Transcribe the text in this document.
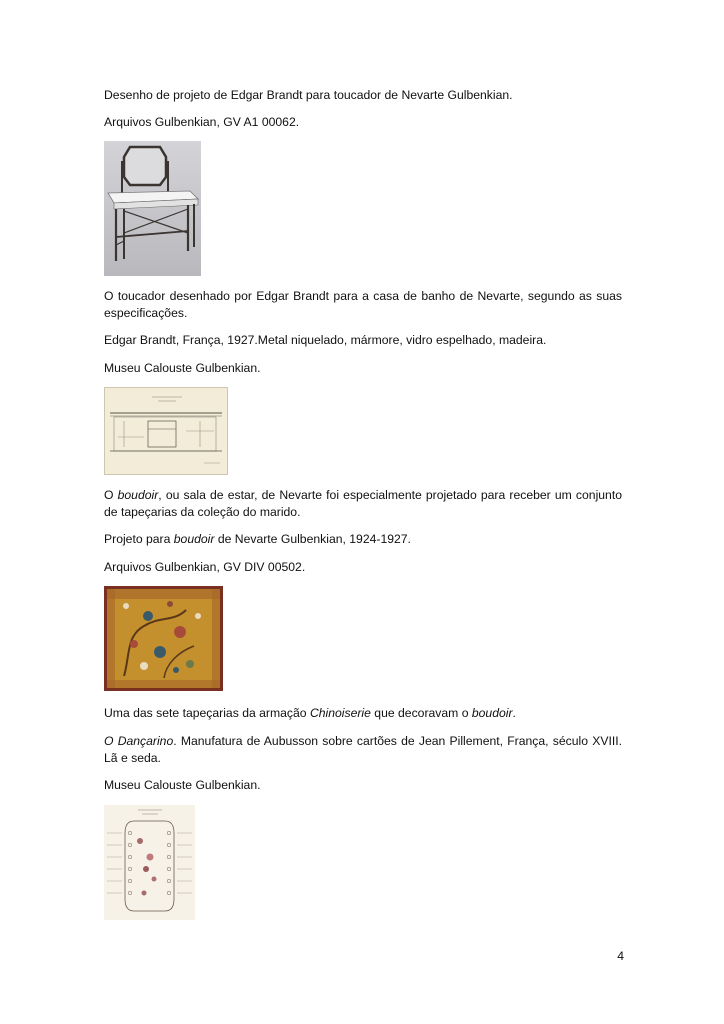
Desenho de projeto de Edgar Brandt para toucador de Nevarte Gulbenkian.

Arquivos Gulbenkian, GV A1 00062.

O toucador desenhado por Edgar Brandt para a casa de banho de Nevarte, segundo as suas especificações.

Edgar Brandt, França, 1927.Metal niquelado, mármore, vidro espelhado, madeira.

Museu Calouste Gulbenkian.

O boudoir, ou sala de estar, de Nevarte foi especialmente projetado para receber um conjunto de tapeçarias da coleção do marido.

Projeto para boudoir de Nevarte Gulbenkian, 1924-1927.

Arquivos Gulbenkian, GV DIV 00502.

Uma das sete tapeçarias da armação Chinoiserie que decoravam o boudoir.

O Dançarino. Manufatura de Aubusson sobre cartões de Jean Pillement, França, século XVIII. Lã e seda.

Museu Calouste Gulbenkian.

4
